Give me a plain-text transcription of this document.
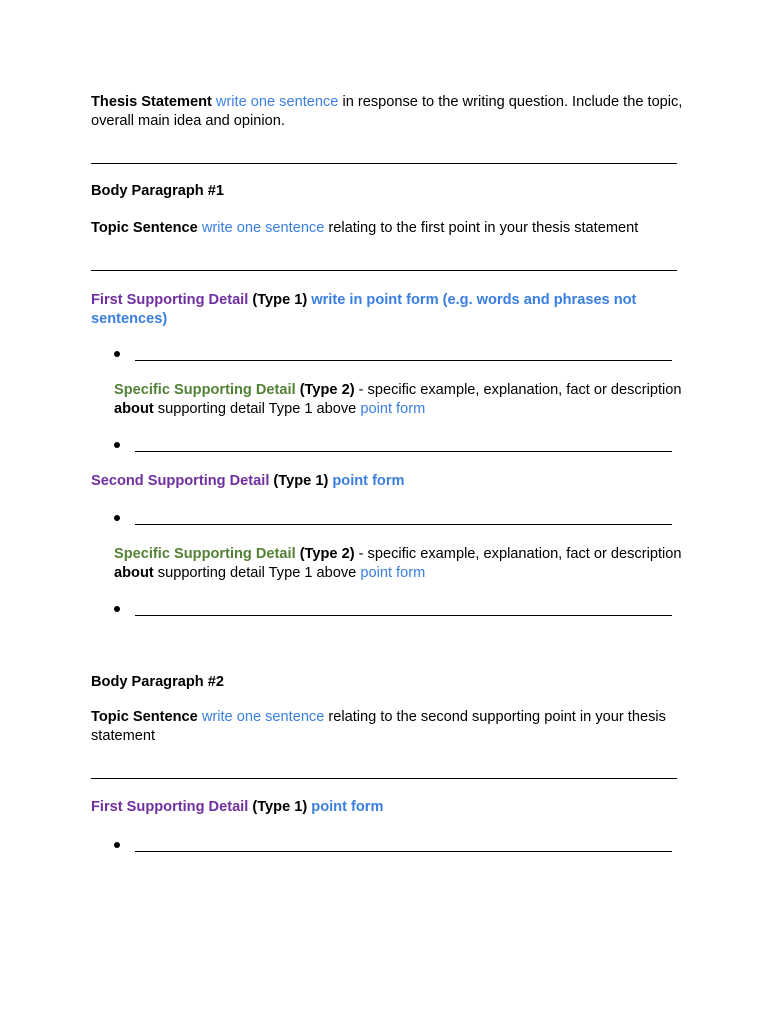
Thesis Statement write one sentence in response to the writing question. Include the topic, overall main idea and opinion.

Body Paragraph #1

Topic Sentence write one sentence relating to the first point in your thesis statement

First Supporting Detail (Type 1) write in point form (e.g. words and phrases not sentences)

Specific Supporting Detail (Type 2) - specific example, explanation, fact or description about supporting detail Type 1 above point form

Second Supporting Detail (Type 1) point form

Specific Supporting Detail (Type 2) - specific example, explanation, fact or description about supporting detail Type 1 above point form

Body Paragraph #2

Topic Sentence write one sentence relating to the second supporting point in your thesis statement

First Supporting Detail (Type 1) point form
